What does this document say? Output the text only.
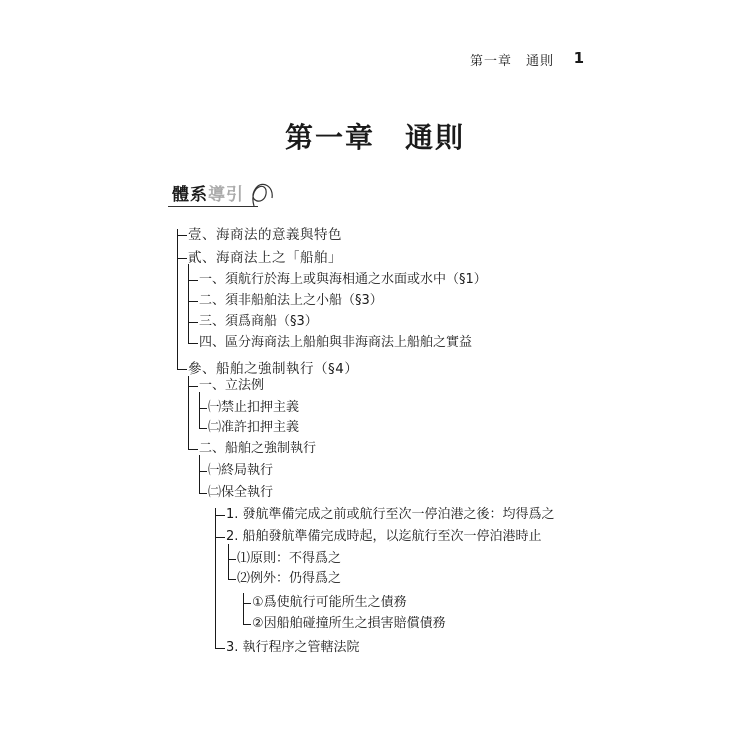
第一章　通則 1
第一章　通則
體系導引
壹、海商法的意義與特色
貳、海商法上之「船舶」
一、須航行於海上或與海相通之水面或水中（§1）
二、須非船舶法上之小船（§3）
三、須爲商船（§3）
四、區分海商法上船舶與非海商法上船舶之實益
參、船舶之強制執行（§4）
一、立法例
㈠禁止扣押主義
㈡准許扣押主義
二、船舶之強制執行
㈠終局執行
㈡保全執行
1. 發航準備完成之前或航行至次一停泊港之後：均得爲之
2. 船舶發航準備完成時起，以迄航行至次一停泊港時止
⑴原則：不得爲之
⑵例外：仍得爲之
①爲使航行可能所生之債務
②因船舶碰撞所生之損害賠償債務
3. 執行程序之管轄法院
